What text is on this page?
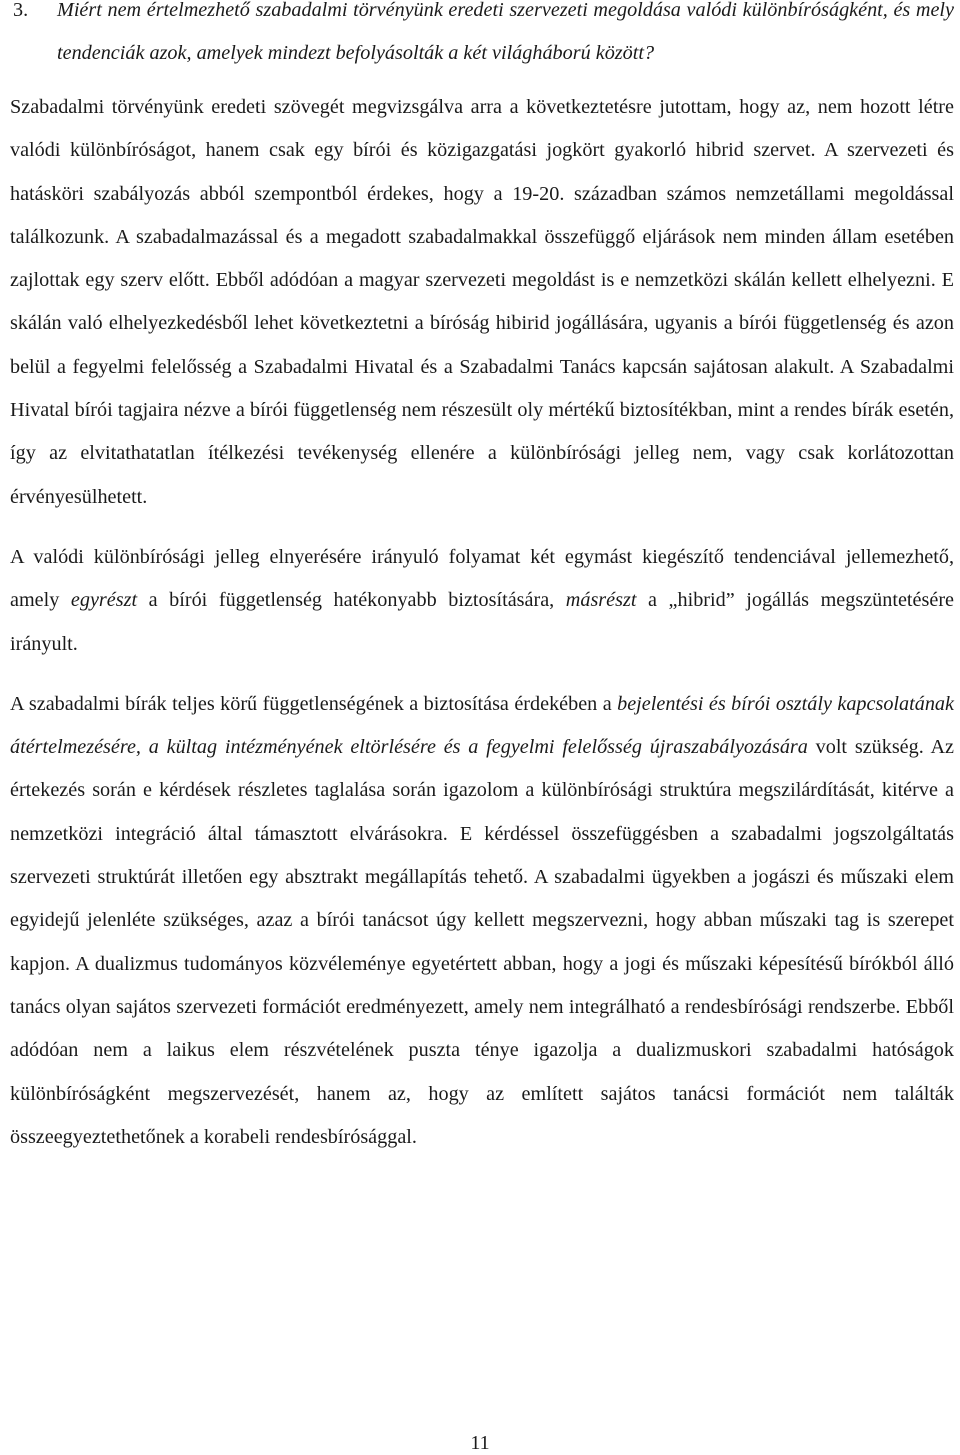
3. Miért nem értelmezhető szabadalmi törvényünk eredeti szervezeti megoldása valódi különbíróságként, és mely tendenciák azok, amelyek mindezt befolyásolták a két világháború között?

Szabadalmi törvényünk eredeti szövegét megvizsgálva arra a következtetésre jutottam, hogy az, nem hozott létre valódi különbíróságot, hanem csak egy bírói és közigazgatási jogkört gyakorló hibrid szervet. A szervezeti és hatásköri szabályozás abból szempontból érdekes, hogy a 19-20. században számos nemzetállami megoldással találkozunk. A szabadalmazással és a megadott szabadalmakkal összefüggő eljárások nem minden állam esetében zajlottak egy szerv előtt. Ebből adódóan a magyar szervezeti megoldást is e nemzetközi skálán kellett elhelyezni. E skálán való elhelyezkedésből lehet következtetni a bíróság hibirid jogállására, ugyanis a bírói függetlenség és azon belül a fegyelmi felelősség a Szabadalmi Hivatal és a Szabadalmi Tanács kapcsán sajátosan alakult. A Szabadalmi Hivatal bírói tagjaira nézve a bírói függetlenség nem részesült oly mértékű biztosítékban, mint a rendes bírák esetén, így az elvitathatatlan ítélkezési tevékenység ellenére a különbírósági jelleg nem, vagy csak korlátozottan érvényesülhetett.

A valódi különbírósági jelleg elnyerésére irányuló folyamat két egymást kiegészítő tendenciával jellemezhető, amely egyrészt a bírói függetlenség hatékonyabb biztosítására, másrészt a „hibrid” jogállás megszüntetésére irányult.

A szabadalmi bírák teljes körű függetlenségének a biztosítása érdekében a bejelentési és bírói osztály kapcsolatának átértelmezésére, a kültag intézményének eltörlésére és a fegyelmi felelősség újraszabályozására volt szükség. Az értekezés során e kérdések részletes taglalása során igazolom a különbírósági struktúra megszilárdítását, kitérve a nemzetközi integráció által támasztott elvárásokra. E kérdéssel összefüggésben a szabadalmi jogszolgáltatás szervezeti struktúrát illetően egy absztrakt megállapítás tehető. A szabadalmi ügyekben a jogászi és műszaki elem egyidejű jelenléte szükséges, azaz a bírói tanácsot úgy kellett megszervezni, hogy abban műszaki tag is szerepet kapjon. A dualizmus tudományos közvéleménye egyetértett abban, hogy a jogi és műszaki képesítésű bírókból álló tanács olyan sajátos szervezeti formációt eredményezett, amely nem integrálható a rendesbírósági rendszerbe. Ebből adódóan nem a laikus elem részvételének puszta ténye igazolja a dualizmuskori szabadalmi hatóságok különbíróságként megszervezését, hanem az, hogy az említett sajátos tanácsi formációt nem találták összeegyeztethetőnek a korabeli rendesbírósággal.

11
